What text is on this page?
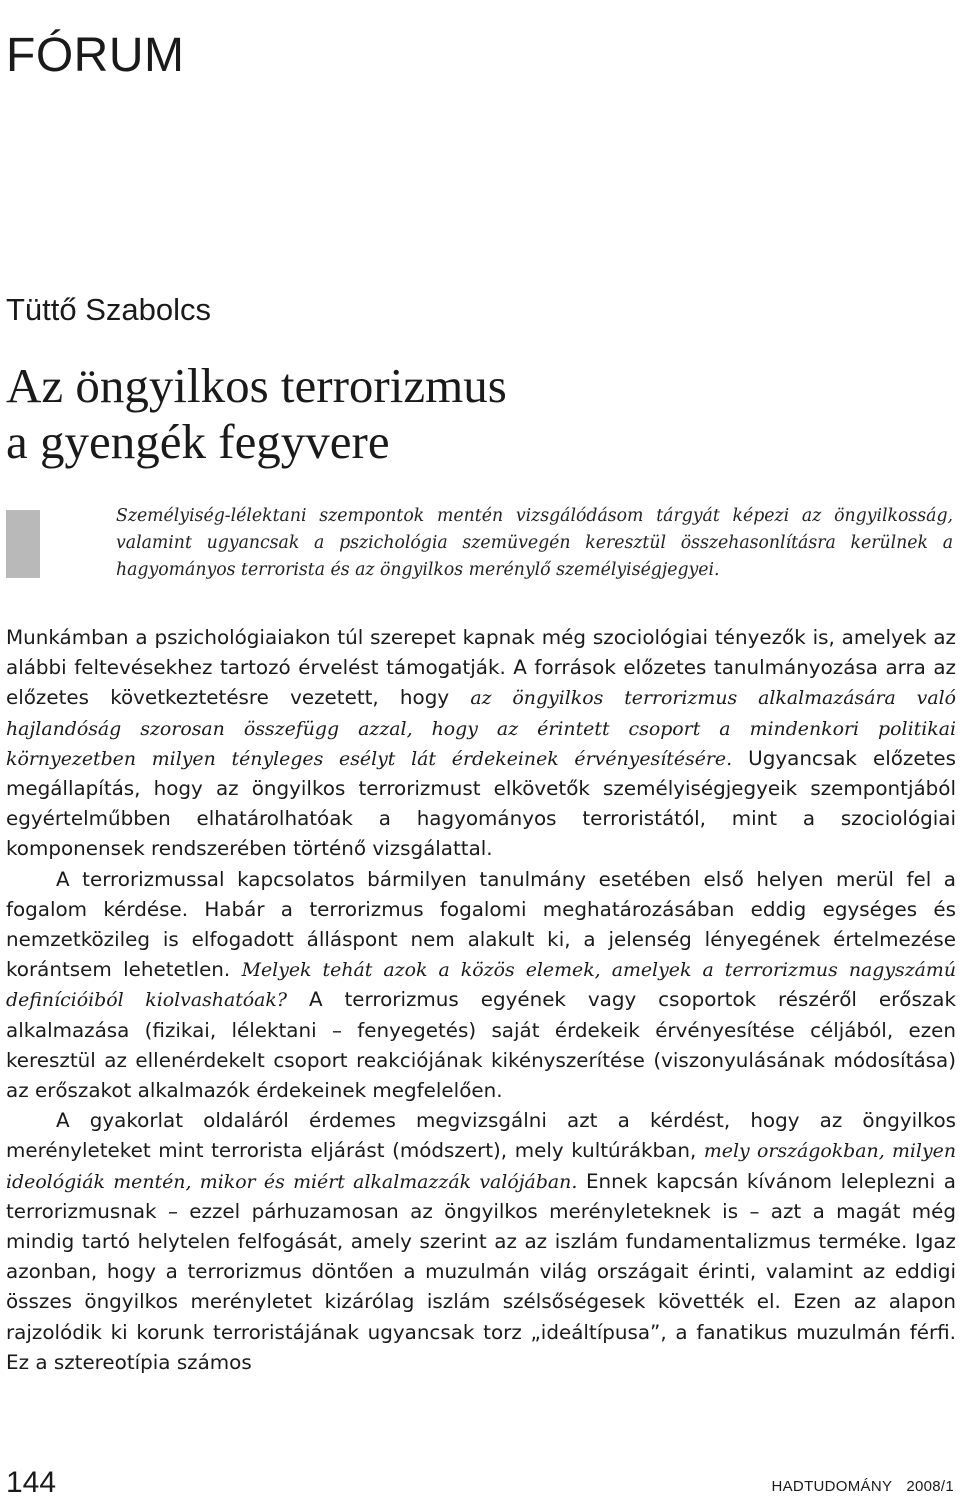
FÓRUM
Tüttő Szabolcs
Az öngyilkos terrorizmus
a gyengék fegyvere

Személyiség-lélektani szempontok mentén vizsgálódásom tárgyát képezi az öngyilkosság, valamint ugyancsak a pszichológia szemüvegén keresztül összehasonlításra kerülnek a hagyományos terrorista és az öngyilkos merénylő személyiségjegyei.

Munkámban a pszichológiaiakon túl szerepet kapnak még szociológiai tényezők is, amelyek az alábbi feltevésekhez tartozó érvelést támogatják. A források előzetes tanulmányozása arra az előzetes következtetésre vezetett, hogy az öngyilkos terrorizmus alkalmazására való hajlandóság szorosan összefügg azzal, hogy az érintett csoport a mindenkori politikai környezetben milyen tényleges esélyt lát érdekeinek érvényesítésére. Ugyancsak előzetes megállapítás, hogy az öngyilkos terrorizmust elkövetők személyiségjegyeik szempontjából egyértelműbben elhatárolhatóak a hagyományos terroristától, mint a szociológiai komponensek rendszerében történő vizsgálattal.

A terrorizmussal kapcsolatos bármilyen tanulmány esetében első helyen merül fel a fogalom kérdése. Habár a terrorizmus fogalomi meghatározásában eddig egységes és nemzetközileg is elfogadott álláspont nem alakult ki, a jelenség lényegének értelmezése korántsem lehetetlen. Melyek tehát azok a közös elemek, amelyek a terrorizmus nagyszámú definícióiból kiolvashatóak? A terrorizmus egyének vagy csoportok részéről erőszak alkalmazása (fizikai, lélektani – fenyegetés) saját érdekeik érvényesítése céljából, ezen keresztül az ellenérdekelt csoport reakciójának kikényszerítése (viszonyulásának módosítása) az erőszakot alkalmazók érdekeinek megfelelően.

A gyakorlat oldaláról érdemes megvizsgálni azt a kérdést, hogy az öngyilkos merényleteket mint terrorista eljárást (módszert), mely kultúrákban, mely országokban, milyen ideológiák mentén, mikor és miért alkalmazzák valójában. Ennek kapcsán kívánom leleplezni a terrorizmusnak – ezzel párhuzamosan az öngyilkos merényleteknek is – azt a magát még mindig tartó helytelen felfogását, amely szerint az az iszlám fundamentalizmus terméke. Igaz azonban, hogy a terrorizmus döntően a muzulmán világ országait érinti, valamint az eddigi összes öngyilkos merényletet kizárólag iszlám szélsőségesek követték el. Ezen az alapon rajzolódik ki korunk terroristájának ugyancsak torz „ideáltípusa”, a fanatikus muzulmán férfi. Ez a sztereotípia számos

144	HADTUDOMÁNY 2008/1
